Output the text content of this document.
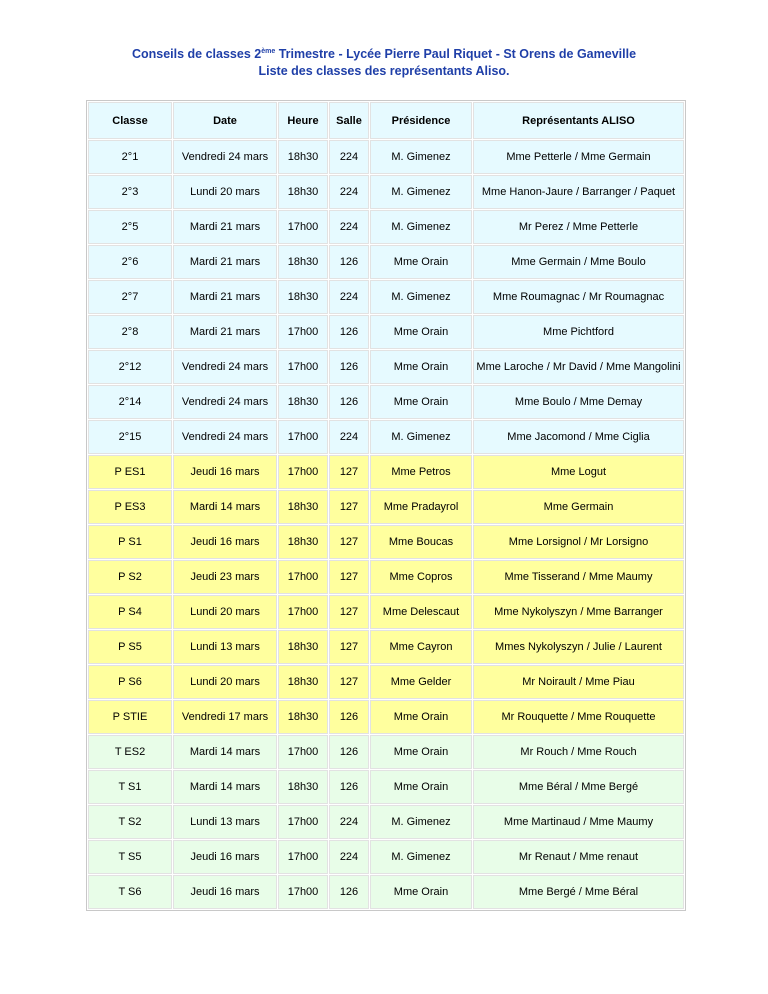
Conseils de classes 2ème Trimestre - Lycée Pierre Paul Riquet - St Orens de Gameville
Liste des classes des représentants Aliso.
Classe	Date	Heure	Salle	Présidence	Représentants ALISO
2°1	Vendredi 24 mars	18h30	224	M. Gimenez	Mme Petterle / Mme Germain
2°3	Lundi 20 mars	18h30	224	M. Gimenez	Mme Hanon-Jaure / Barranger / Paquet
2°5	Mardi 21 mars	17h00	224	M. Gimenez	Mr Perez / Mme Petterle
2°6	Mardi 21 mars	18h30	126	Mme Orain	Mme Germain / Mme Boulo
2°7	Mardi 21 mars	18h30	224	M. Gimenez	Mme Roumagnac / Mr Roumagnac
2°8	Mardi 21 mars	17h00	126	Mme Orain	Mme Pichtford
2°12	Vendredi 24 mars	17h00	126	Mme Orain	Mme Laroche / Mr David / Mme Mangolini
2°14	Vendredi 24 mars	18h30	126	Mme Orain	Mme Boulo / Mme Demay
2°15	Vendredi 24 mars	17h00	224	M. Gimenez	Mme Jacomond / Mme Ciglia
P ES1	Jeudi 16 mars	17h00	127	Mme Petros	Mme Logut
P ES3	Mardi 14 mars	18h30	127	Mme Pradayrol	Mme Germain
P S1	Jeudi 16 mars	18h30	127	Mme Boucas	Mme Lorsignol / Mr Lorsigno
P S2	Jeudi 23 mars	17h00	127	Mme Copros	Mme Tisserand / Mme Maumy
P S4	Lundi 20 mars	17h00	127	Mme Delescaut	Mme Nykolyszyn / Mme Barranger
P S5	Lundi 13 mars	18h30	127	Mme Cayron	Mmes Nykolyszyn / Julie / Laurent
P S6	Lundi 20 mars	18h30	127	Mme Gelder	Mr Noirault / Mme Piau
P STIE	Vendredi 17 mars	18h30	126	Mme Orain	Mr Rouquette / Mme Rouquette
T ES2	Mardi 14 mars	17h00	126	Mme Orain	Mr Rouch / Mme Rouch
T S1	Mardi 14 mars	18h30	126	Mme Orain	Mme Béral / Mme Bergé
T S2	Lundi 13 mars	17h00	224	M. Gimenez	Mme Martinaud / Mme Maumy
T S5	Jeudi 16 mars	17h00	224	M. Gimenez	Mr Renaut / Mme renaut
T S6	Jeudi 16 mars	17h00	126	Mme Orain	Mme Bergé / Mme Béral
